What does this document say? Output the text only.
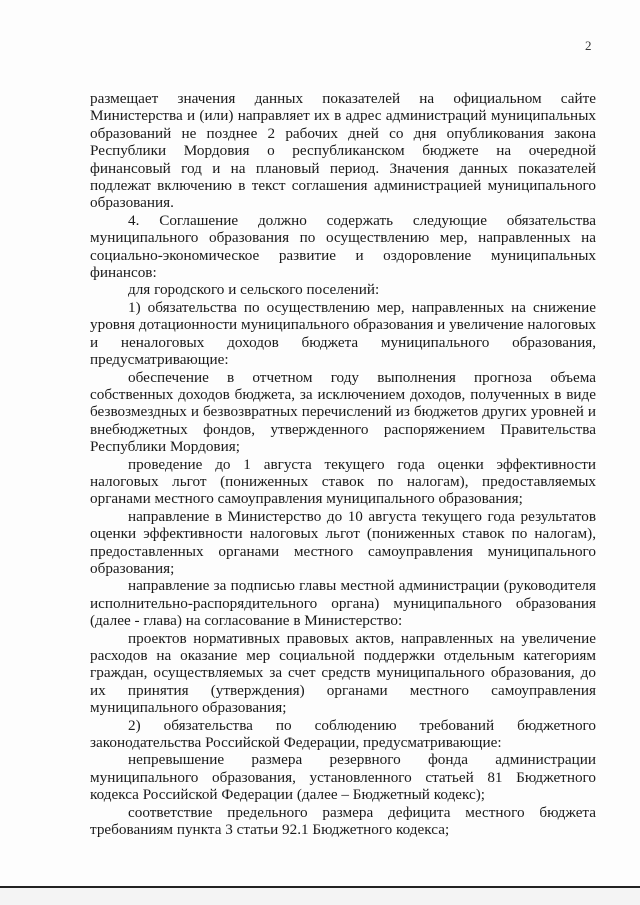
2

размещает значения данных показателей на официальном сайте Министерства и (или) направляет их в адрес администраций муниципальных образований не позднее 2 рабочих дней со дня опубликования закона Республики Мордовия о республиканском бюджете на очередной финансовый год и на плановый период. Значения данных показателей подлежат включению в текст соглашения администрацией муниципального образования.

4. Соглашение должно содержать следующие обязательства муниципального образования по осуществлению мер, направленных на социально-экономическое развитие и оздоровление муниципальных финансов:

для городского и сельского поселений:

1) обязательства по осуществлению мер, направленных на снижение уровня дотационности муниципального образования и увеличение налоговых и неналоговых доходов бюджета муниципального образования, предусматривающие:

обеспечение в отчетном году выполнения прогноза объема собственных доходов бюджета, за исключением доходов, полученных в виде безвозмездных и безвозвратных перечислений из бюджетов других уровней и внебюджетных фондов, утвержденного распоряжением Правительства Республики Мордовия;

проведение до 1 августа текущего года оценки эффективности налоговых льгот (пониженных ставок по налогам), предоставляемых органами местного самоуправления муниципального образования;

направление в Министерство до 10 августа текущего года результатов оценки эффективности налоговых льгот (пониженных ставок по налогам), предоставленных органами местного самоуправления муниципального образования;

направление за подписью главы местной администрации (руководителя исполнительно-распорядительного органа) муниципального образования (далее - глава) на согласование в Министерство:

проектов нормативных правовых актов, направленных на увеличение расходов на оказание мер социальной поддержки отдельным категориям граждан, осуществляемых за счет средств муниципального образования, до их принятия (утверждения) органами местного самоуправления муниципального образования;

2) обязательства по соблюдению требований бюджетного законодательства Российской Федерации, предусматривающие:

непревышение размера резервного фонда администрации муниципального образования, установленного статьей 81 Бюджетного кодекса Российской Федерации (далее – Бюджетный кодекс);

соответствие предельного размера дефицита местного бюджета требованиям пункта 3 статьи 92.1 Бюджетного кодекса;
